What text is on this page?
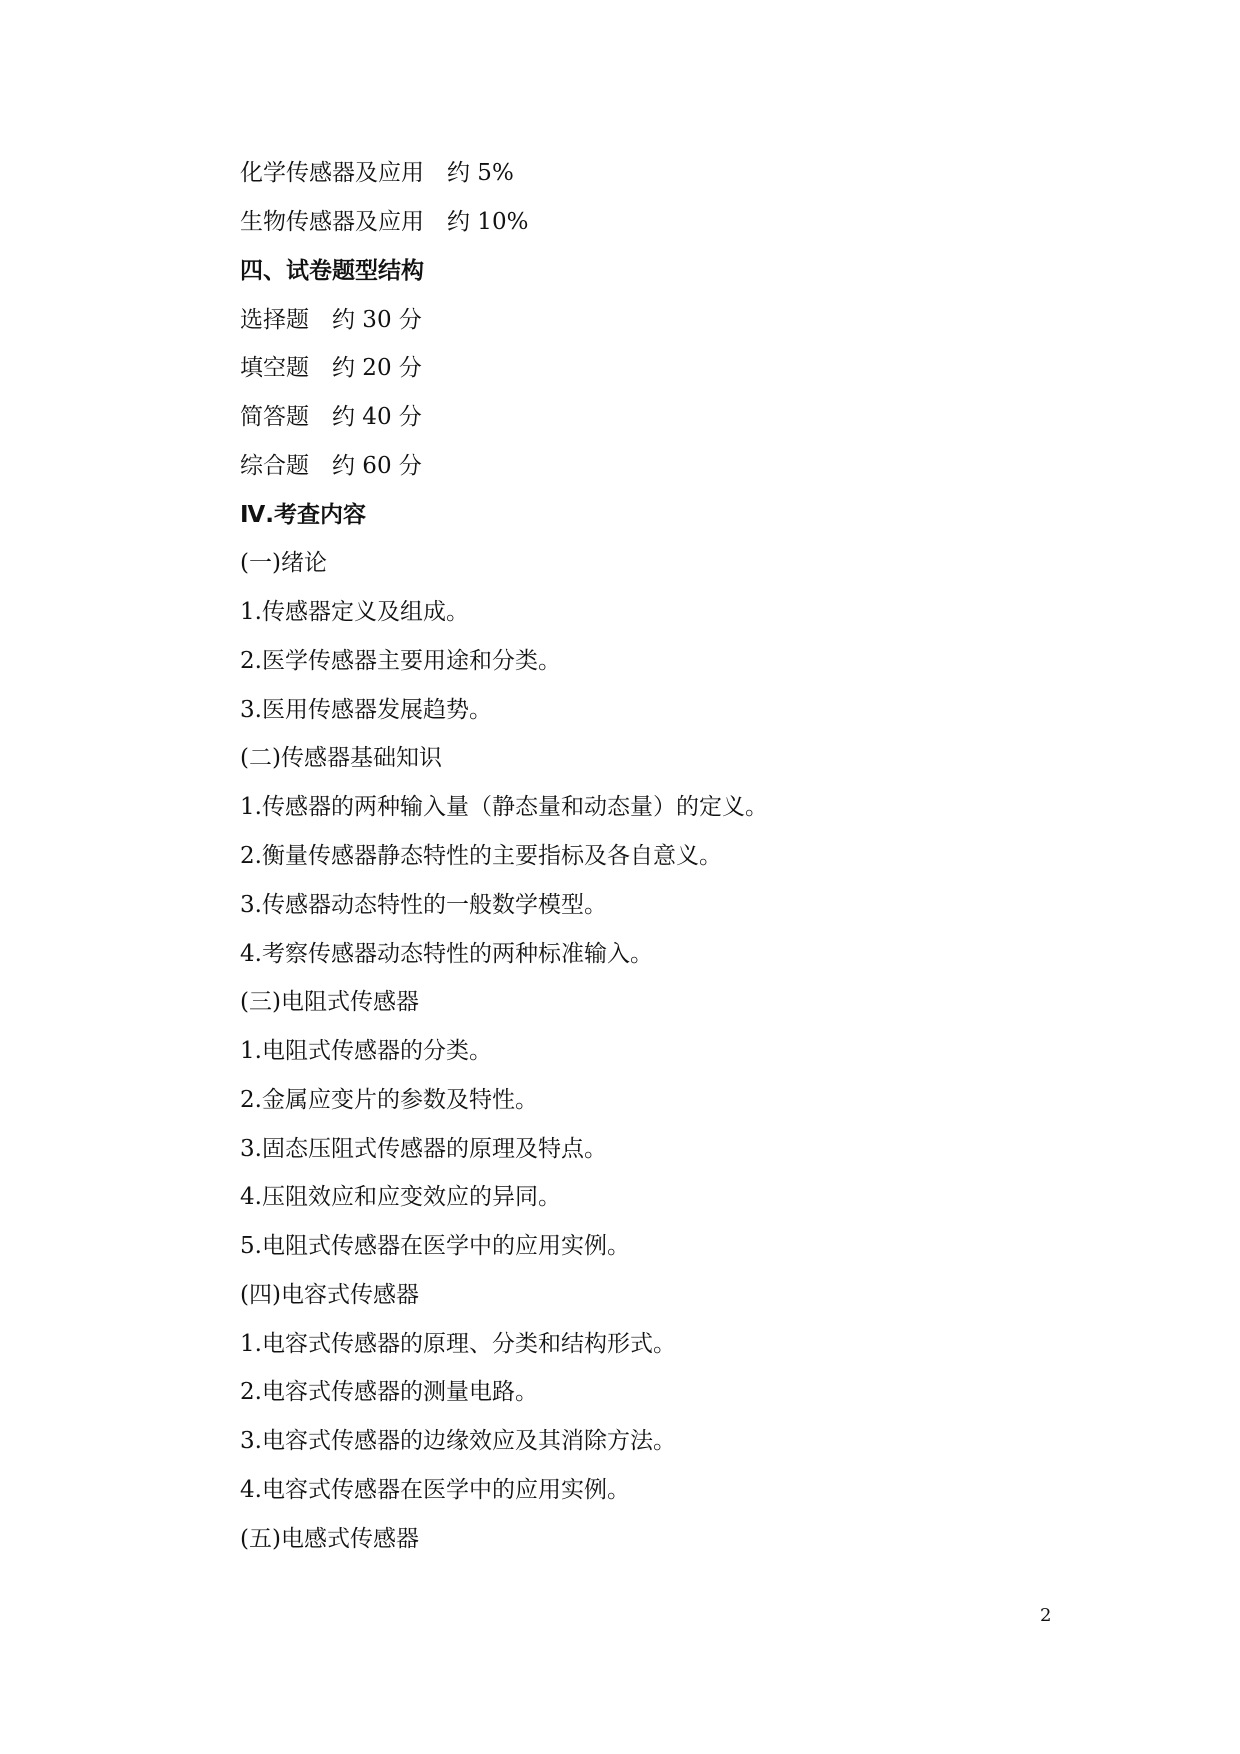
化学传感器及应用　约 5%
生物传感器及应用　约 10%
四、试卷题型结构
选择题　约 30 分
填空题　约 20 分
简答题　约 40 分
综合题　约 60 分
Ⅳ.考查内容
(一)绪论
1.传感器定义及组成。
2.医学传感器主要用途和分类。
3.医用传感器发展趋势。
(二)传感器基础知识
1.传感器的两种输入量（静态量和动态量）的定义。
2.衡量传感器静态特性的主要指标及各自意义。
3.传感器动态特性的一般数学模型。
4.考察传感器动态特性的两种标准输入。
(三)电阻式传感器
1.电阻式传感器的分类。
2.金属应变片的参数及特性。
3.固态压阻式传感器的原理及特点。
4.压阻效应和应变效应的异同。
5.电阻式传感器在医学中的应用实例。
(四)电容式传感器
1.电容式传感器的原理、分类和结构形式。
2.电容式传感器的测量电路。
3.电容式传感器的边缘效应及其消除方法。
4.电容式传感器在医学中的应用实例。
(五)电感式传感器
2
